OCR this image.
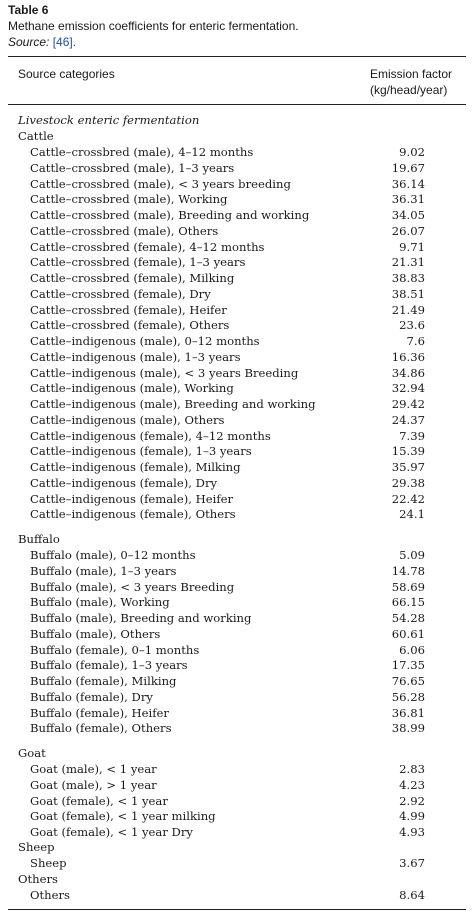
Table 6
Methane emission coefficients for enteric fermentation.
Source: [46].
Source categories	Emission factor
(kg/head/year)
Livestock enteric fermentation
Cattle
Cattle–crossbred (male), 4–12 months	9.02
Cattle–crossbred (male), 1–3 years	19.67
Cattle–crossbred (male), < 3 years breeding	36.14
Cattle–crossbred (male), Working	36.31
Cattle–crossbred (male), Breeding and working	34.05
Cattle–crossbred (male), Others	26.07
Cattle–crossbred (female), 4–12 months	9.71
Cattle–crossbred (female), 1–3 years	21.31
Cattle–crossbred (female), Milking	38.83
Cattle–crossbred (female), Dry	38.51
Cattle–crossbred (female), Heifer	21.49
Cattle–crossbred (female), Others	23.6
Cattle–indigenous (male), 0–12 months	7.6
Cattle–indigenous (male), 1–3 years	16.36
Cattle–indigenous (male), < 3 years Breeding	34.86
Cattle–indigenous (male), Working	32.94
Cattle–indigenous (male), Breeding and working	29.42
Cattle–indigenous (male), Others	24.37
Cattle–indigenous (female), 4–12 months	7.39
Cattle–indigenous (female), 1–3 years	15.39
Cattle–indigenous (female), Milking	35.97
Cattle–indigenous (female), Dry	29.38
Cattle–indigenous (female), Heifer	22.42
Cattle–indigenous (female), Others	24.1
Buffalo
Buffalo (male), 0–12 months	5.09
Buffalo (male), 1–3 years	14.78
Buffalo (male), < 3 years Breeding	58.69
Buffalo (male), Working	66.15
Buffalo (male), Breeding and working	54.28
Buffalo (male), Others	60.61
Buffalo (female), 0–1 months	6.06
Buffalo (female), 1–3 years	17.35
Buffalo (female), Milking	76.65
Buffalo (female), Dry	56.28
Buffalo (female), Heifer	36.81
Buffalo (female), Others	38.99
Goat
Goat (male), < 1 year	2.83
Goat (male), > 1 year	4.23
Goat (female), < 1 year	2.92
Goat (female), < 1 year milking	4.99
Goat (female), < 1 year Dry	4.93
Sheep
Sheep	3.67
Others
Others	8.64
